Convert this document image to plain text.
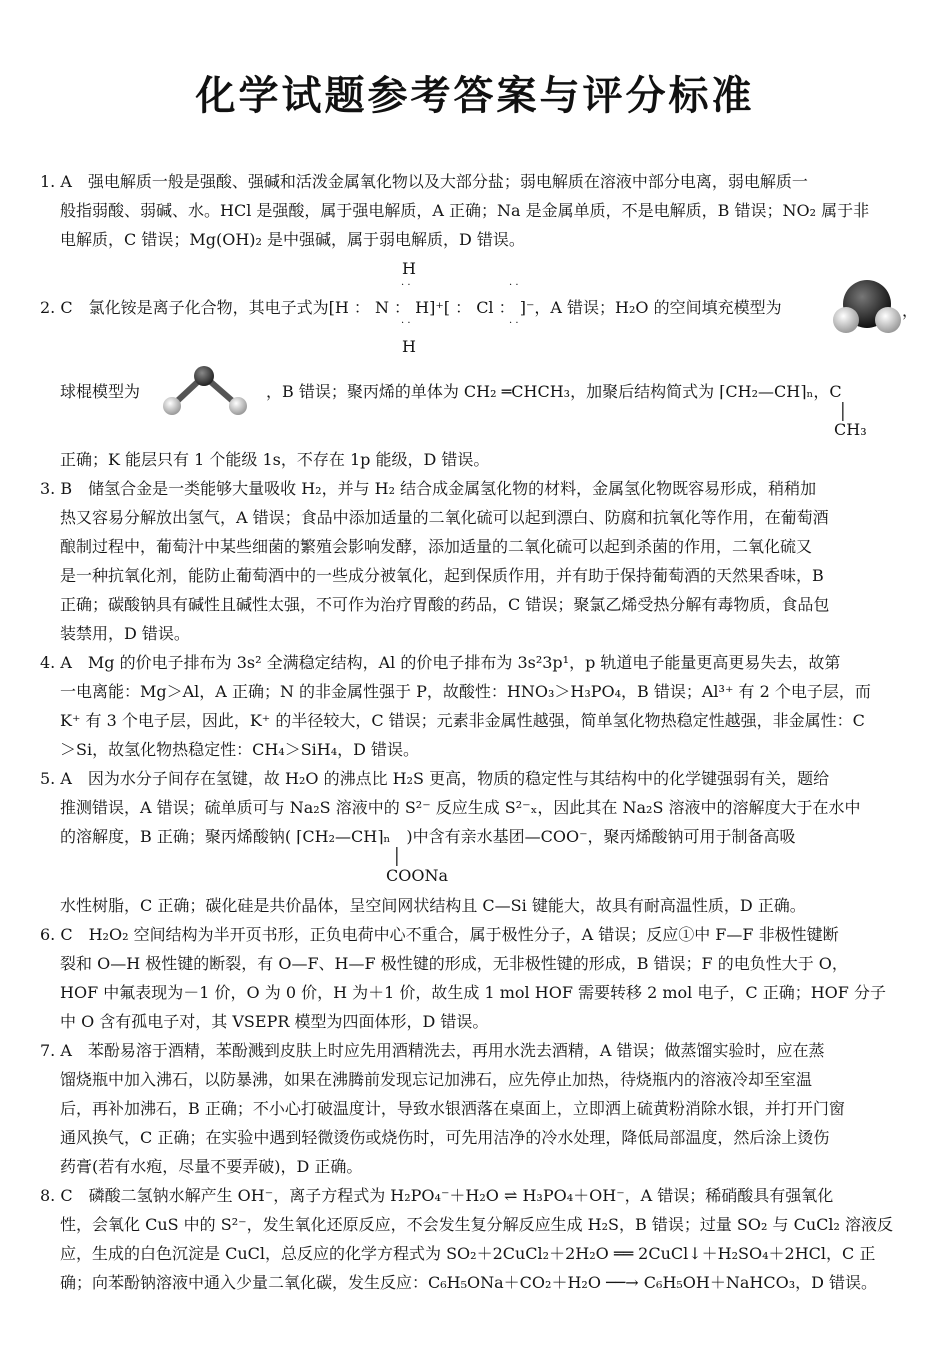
化学试题参考答案与评分标准
1. A　强电解质一般是强酸、强碱和活泼金属氧化物以及大部分盐；弱电解质在溶液中部分电离，弱电解质一
般指弱酸、弱碱、水。HCl 是强酸，属于强电解质，A 正确；Na 是金属单质，不是电解质，B 错误；NO₂ 属于非
电解质，C 错误；Mg(OH)₂ 是中强碱，属于弱电解质，D 错误。
H
· ·	· ·
2. C　氯化铵是离子化合物，其电子式为[H ： N ： H]⁺[ ： Cl ： ]⁻，A 错误；H₂O 的空间填充模型为
· ·	· ·
H
，
球棍模型为	，B 错误；聚丙烯的单体为 CH₂ ═CHCH₃，加聚后结构简式为 ⌈CH₂—CH⌉ₙ，C
│
CH₃
正确；K 能层只有 1 个能级 1s，不存在 1p 能级，D 错误。
3. B　储氢合金是一类能够大量吸收 H₂，并与 H₂ 结合成金属氢化物的材料，金属氢化物既容易形成，稍稍加
热又容易分解放出氢气，A 错误；食品中添加适量的二氧化硫可以起到漂白、防腐和抗氧化等作用，在葡萄酒
酿制过程中，葡萄汁中某些细菌的繁殖会影响发酵，添加适量的二氧化硫可以起到杀菌的作用，二氧化硫又
是一种抗氧化剂，能防止葡萄酒中的一些成分被氧化，起到保质作用，并有助于保持葡萄酒的天然果香味，B
正确；碳酸钠具有碱性且碱性太强，不可作为治疗胃酸的药品，C 错误；聚氯乙烯受热分解有毒物质，食品包
装禁用，D 错误。
4. A　Mg 的价电子排布为 3s² 全满稳定结构，Al 的价电子排布为 3s²3p¹，p 轨道电子能量更高更易失去，故第
一电离能：Mg＞Al，A 正确；N 的非金属性强于 P，故酸性：HNO₃＞H₃PO₄，B 错误；Al³⁺ 有 2 个电子层，而
K⁺ 有 3 个电子层，因此，K⁺ 的半径较大，C 错误；元素非金属性越强，简单氢化物热稳定性越强，非金属性：C
＞Si，故氢化物热稳定性：CH₄＞SiH₄，D 错误。
5. A　因为水分子间存在氢键，故 H₂O 的沸点比 H₂S 更高，物质的稳定性与其结构中的化学键强弱有关，题给
推测错误，A 错误；硫单质可与 Na₂S 溶液中的 S²⁻ 反应生成 S²⁻ₓ，因此其在 Na₂S 溶液中的溶解度大于在水中
的溶解度，B 正确；聚丙烯酸钠( ⌈CH₂—CH⌉ₙ　)中含有亲水基团—COO⁻，聚丙烯酸钠可用于制备高吸
│
COONa
水性树脂，C 正确；碳化硅是共价晶体，呈空间网状结构且 C—Si 键能大，故具有耐高温性质，D 正确。
6. C　H₂O₂ 空间结构为半开页书形，正负电荷中心不重合，属于极性分子，A 错误；反应①中 F—F 非极性键断
裂和 O—H 极性键的断裂，有 O—F、H—F 极性键的形成，无非极性键的形成，B 错误；F 的电负性大于 O，
HOF 中氟表现为－1 价，O 为 0 价，H 为＋1 价，故生成 1 mol HOF 需要转移 2 mol 电子，C 正确；HOF 分子
中 O 含有孤电子对，其 VSEPR 模型为四面体形，D 错误。
7. A　苯酚易溶于酒精，苯酚溅到皮肤上时应先用酒精洗去，再用水洗去酒精，A 错误；做蒸馏实验时，应在蒸
馏烧瓶中加入沸石，以防暴沸，如果在沸腾前发现忘记加沸石，应先停止加热，待烧瓶内的溶液冷却至室温
后，再补加沸石，B 正确；不小心打破温度计，导致水银洒落在桌面上，立即洒上硫黄粉消除水银，并打开门窗
通风换气，C 正确；在实验中遇到轻微烫伤或烧伤时，可先用洁净的冷水处理，降低局部温度，然后涂上烫伤
药膏(若有水疱，尽量不要弄破)，D 正确。
8. C　磷酸二氢钠水解产生 OH⁻，离子方程式为 H₂PO₄⁻＋H₂O ⇌ H₃PO₄＋OH⁻，A 错误；稀硝酸具有强氧化
性，会氧化 CuS 中的 S²⁻，发生氧化还原反应，不会发生复分解反应生成 H₂S，B 错误；过量 SO₂ 与 CuCl₂ 溶液反
应，生成的白色沉淀是 CuCl，总反应的化学方程式为 SO₂＋2CuCl₂＋2H₂O ══ 2CuCl↓＋H₂SO₄＋2HCl，C 正
确；向苯酚钠溶液中通入少量二氧化碳，发生反应：C₆H₅ONa＋CO₂＋H₂O ──→ C₆H₅OH＋NaHCO₃，D 错误。
